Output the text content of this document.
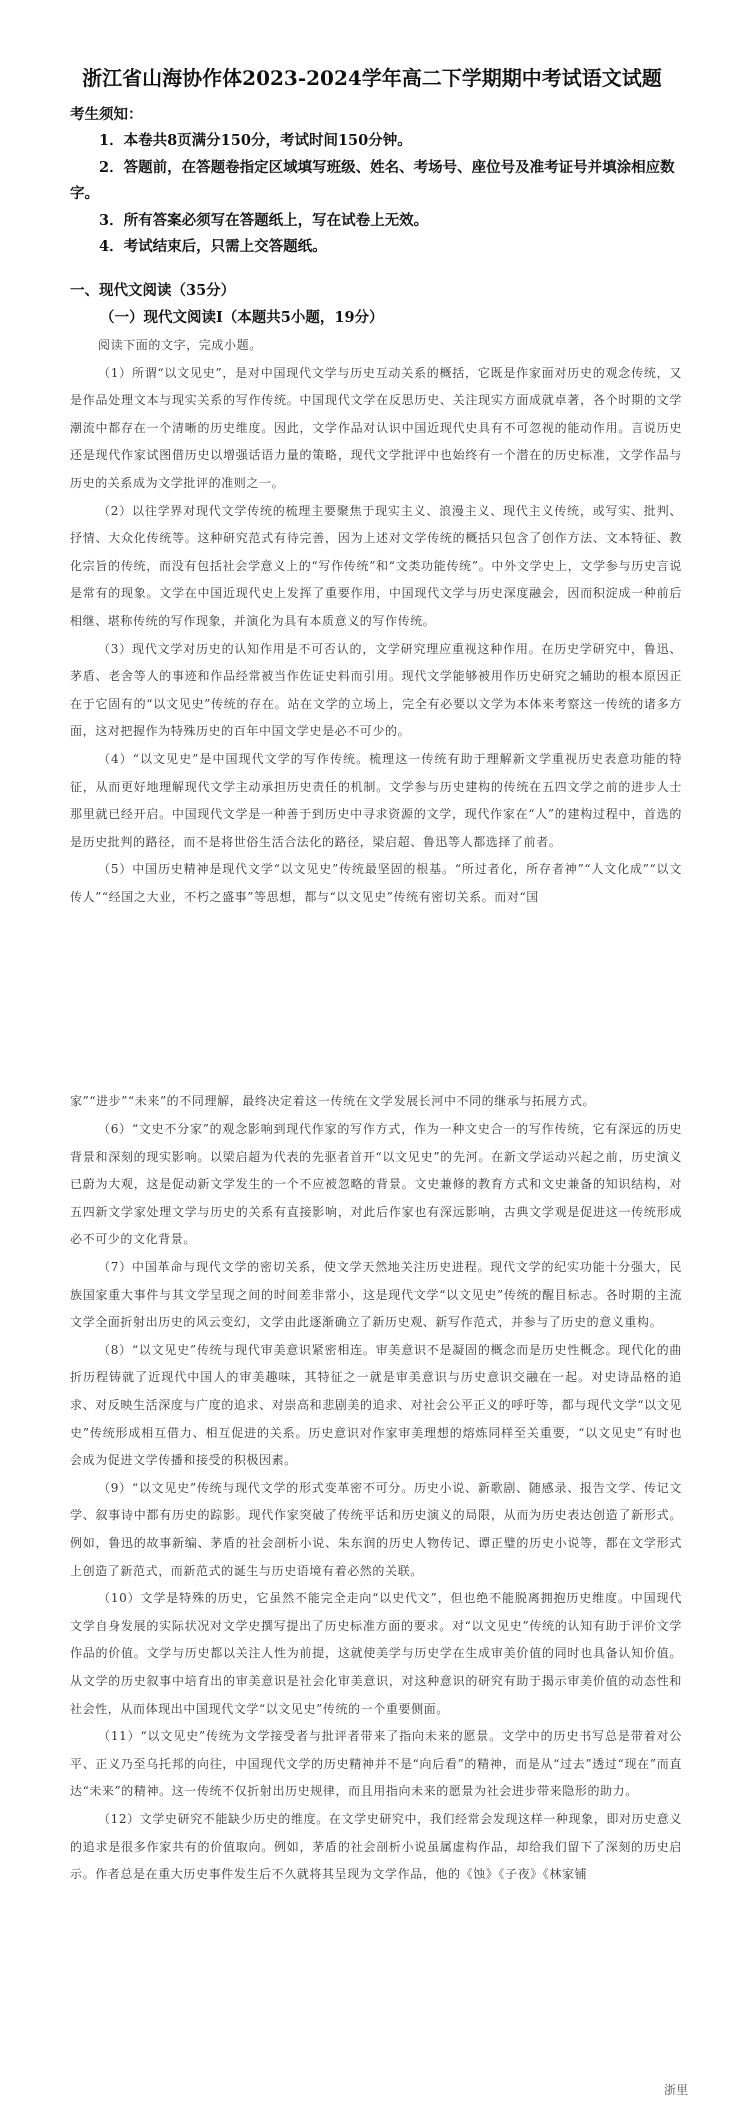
浙江省山海协作体2023-2024学年高二下学期期中考试语文试题
考生须知：

1．本卷共8页满分150分，考试时间150分钟。

2．答题前，在答题卷指定区域填写班级、姓名、考场号、座位号及准考证号并填涂相应数字。

3．所有答案必须写在答题纸上，写在试卷上无效。

4．考试结束后，只需上交答题纸。

一、现代文阅读（35分）
（一）现代文阅读Ⅰ（本题共5小题，19分）

阅读下面的文字，完成小题。

（1）所谓“以文见史”，是对中国现代文学与历史互动关系的概括，它既是作家面对历史的观念传统，又是作品处理文本与现实关系的写作传统。中国现代文学在反思历史、关注现实方面成就卓著，各个时期的文学潮流中都存在一个清晰的历史维度。因此，文学作品对认识中国近现代史具有不可忽视的能动作用。言说历史还是现代作家试图借历史以增强话语力量的策略，现代文学批评中也始终有一个潜在的历史标准，文学作品与历史的关系成为文学批评的准则之一。

（2）以往学界对现代文学传统的梳理主要聚焦于现实主义、浪漫主义、现代主义传统，或写实、批判、抒情、大众化传统等。这种研究范式有待完善，因为上述对文学传统的概括只包含了创作方法、文本特征、教化宗旨的传统，而没有包括社会学意义上的“写作传统”和“文类功能传统”。中外文学史上，文学参与历史言说是常有的现象。文学在中国近现代史上发挥了重要作用，中国现代文学与历史深度融会，因而积淀成一种前后相继、堪称传统的写作现象，并演化为具有本质意义的写作传统。

（3）现代文学对历史的认知作用是不可否认的，文学研究理应重视这种作用。在历史学研究中，鲁迅、茅盾、老舍等人的事迹和作品经常被当作佐证史料而引用。现代文学能够被用作历史研究之辅助的根本原因正在于它固有的“以文见史”传统的存在。站在文学的立场上，完全有必要以文学为本体来考察这一传统的诸多方面，这对把握作为特殊历史的百年中国文学史是必不可少的。

（4）“以文见史”是中国现代文学的写作传统。梳理这一传统有助于理解新文学重视历史表意功能的特征，从而更好地理解现代文学主动承担历史责任的机制。文学参与历史建构的传统在五四文学之前的进步人士那里就已经开启。中国现代文学是一种善于到历史中寻求资源的文学，现代作家在“人”的建构过程中，首选的是历史批判的路径，而不是将世俗生活合法化的路径，梁启超、鲁迅等人都选择了前者。

（5）中国历史精神是现代文学“以文见史”传统最坚固的根基。“所过者化，所存者神”“人文化成”“以文传人”“经国之大业，不朽之盛事”等思想，都与“以文见史”传统有密切关系。而对“国

家”“进步”“未来”的不同理解，最终决定着这一传统在文学发展长河中不同的继承与拓展方式。

（6）“文史不分家”的观念影响到现代作家的写作方式，作为一种文史合一的写作传统，它有深远的历史背景和深刻的现实影响。以梁启超为代表的先驱者首开“以文见史”的先河。在新文学运动兴起之前，历史演义已蔚为大观，这是促动新文学发生的一个不应被忽略的背景。文史兼修的教育方式和文史兼备的知识结构，对五四新文学家处理文学与历史的关系有直接影响，对此后作家也有深远影响，古典文学观是促进这一传统形成必不可少的文化背景。

（7）中国革命与现代文学的密切关系，使文学天然地关注历史进程。现代文学的纪实功能十分强大，民族国家重大事件与其文学呈现之间的时间差非常小，这是现代文学“以文见史”传统的醒目标志。各时期的主流文学全面折射出历史的风云变幻，文学由此逐渐确立了新历史观、新写作范式，并参与了历史的意义重构。

（8）“以文见史”传统与现代审美意识紧密相连。审美意识不是凝固的概念而是历史性概念。现代化的曲折历程铸就了近现代中国人的审美趣味，其特征之一就是审美意识与历史意识交融在一起。对史诗品格的追求、对反映生活深度与广度的追求、对崇高和悲剧美的追求、对社会公平正义的呼吁等，都与现代文学“以文见史”传统形成相互借力、相互促进的关系。历史意识对作家审美理想的熔炼同样至关重要，“以文见史”有时也会成为促进文学传播和接受的积极因素。

（9）“以文见史”传统与现代文学的形式变革密不可分。历史小说、新歌剧、随感录、报告文学、传记文学、叙事诗中都有历史的踪影。现代作家突破了传统平话和历史演义的局限，从而为历史表达创造了新形式。例如，鲁迅的故事新编、茅盾的社会剖析小说、朱东润的历史人物传记、谭正璧的历史小说等，都在文学形式上创造了新范式，而新范式的诞生与历史语境有着必然的关联。

（10）文学是特殊的历史，它虽然不能完全走向“以史代文”，但也绝不能脱离拥抱历史维度。中国现代文学自身发展的实际状况对文学史撰写提出了历史标准方面的要求。对“以文见史”传统的认知有助于评价文学作品的价值。文学与历史都以关注人性为前提，这就使美学与历史学在生成审美价值的同时也具备认知价值。从文学的历史叙事中培育出的审美意识是社会化审美意识，对这种意识的研究有助于揭示审美价值的动态性和社会性，从而体现出中国现代文学“以文见史”传统的一个重要侧面。

（11）“以文见史”传统为文学接受者与批评者带来了指向未来的愿景。文学中的历史书写总是带着对公平、正义乃至乌托邦的向往，中国现代文学的历史精神并不是“向后看”的精神，而是从“过去”透过“现在”而直达“未来”的精神。这一传统不仅折射出历史规律，而且用指向未来的愿景为社会进步带来隐形的助力。

（12）文学史研究不能缺少历史的维度。在文学史研究中，我们经常会发现这样一种现象，即对历史意义的追求是很多作家共有的价值取向。例如，茅盾的社会剖析小说虽属虚构作品，却给我们留下了深刻的历史启示。作者总是在重大历史事件发生后不久就将其呈现为文学作品，他的《蚀》《子夜》《林家铺

浙里
